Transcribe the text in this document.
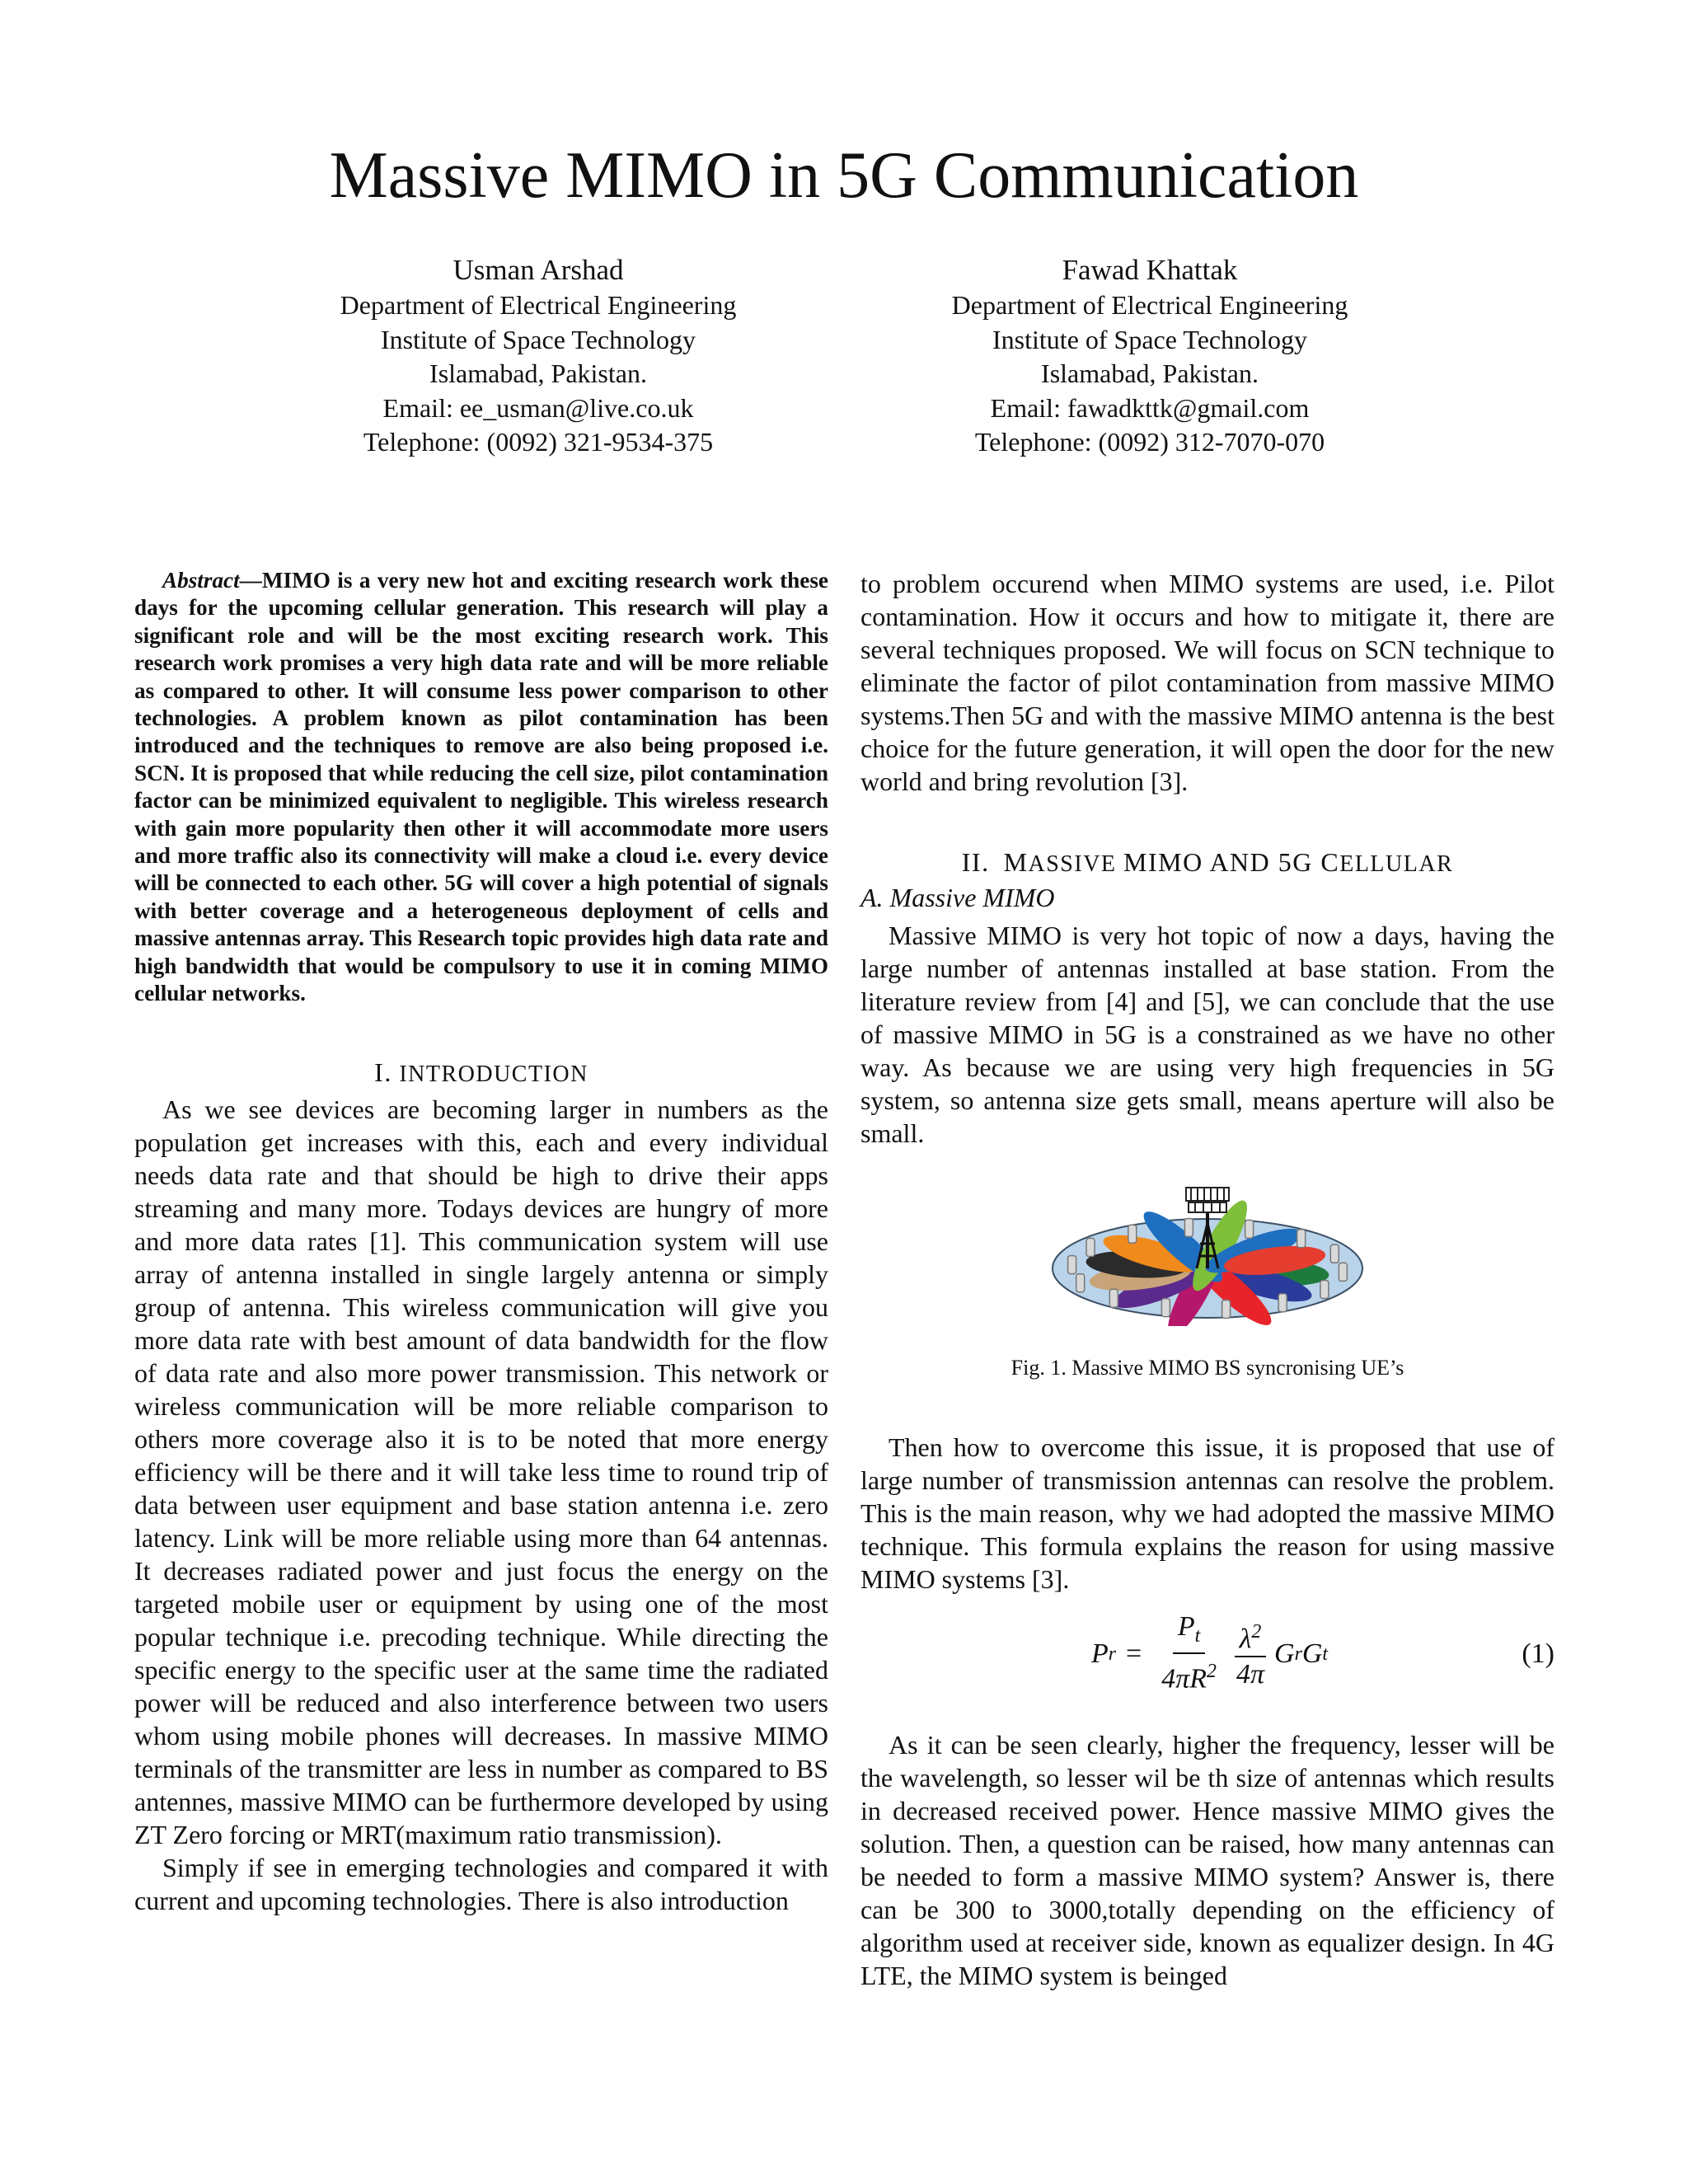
Massive MIMO in 5G Communication
Usman Arshad
Department of Electrical Engineering
Institute of Space Technology
Islamabad, Pakistan.
Email: ee_usman@live.co.uk
Telephone: (0092) 321-9534-375
Fawad Khattak
Department of Electrical Engineering
Institute of Space Technology
Islamabad, Pakistan.
Email: fawadkttk@gmail.com
Telephone: (0092) 312-7070-070

Abstract—MIMO is a very new hot and exciting research work these days for the upcoming cellular generation. This research will play a significant role and will be the most exciting research work. This research work promises a very high data rate and will be more reliable as compared to other. It will consume less power comparison to other technologies. A problem known as pilot contamination has been introduced and the techniques to remove are also being proposed i.e. SCN. It is proposed that while reducing the cell size, pilot contamination factor can be minimized equivalent to negligible. This wireless research with gain more popularity then other it will accommodate more users and more traffic also its connectivity will make a cloud i.e. every device will be connected to each other. 5G will cover a high potential of signals with better coverage and a heterogeneous deployment of cells and massive antennas array. This Research topic provides high data rate and high bandwidth that would be compulsory to use it in coming MIMO cellular networks.

I. INTRODUCTION

As we see devices are becoming larger in numbers as the population get increases with this, each and every individual needs data rate and that should be high to drive their apps streaming and many more. Todays devices are hungry of more and more data rates [1]. This communication system will use array of antenna installed in single largely antenna or simply group of antenna. This wireless communication will give you more data rate with best amount of data bandwidth for the flow of data rate and also more power transmission. This network or wireless communication will be more reliable comparison to others more coverage also it is to be noted that more energy efficiency will be there and it will take less time to round trip of data between user equipment and base station antenna i.e. zero latency. Link will be more reliable using more than 64 antennas. It decreases radiated power and just focus the energy on the targeted mobile user or equipment by using one of the most popular technique i.e. precoding technique. While directing the specific energy to the specific user at the same time the radiated power will be reduced and also interference between two users whom using mobile phones will decreases. In massive MIMO terminals of the transmitter are less in number as compared to BS antennes, massive MIMO can be furthermore developed by using ZT Zero forcing or MRT(maximum ratio transmission).

Simply if see in emerging technologies and compared it with current and upcoming technologies. There is also introduction

to problem occurend when MIMO systems are used, i.e. Pilot contamination. How it occurs and how to mitigate it, there are several techniques proposed. We will focus on SCN technique to eliminate the factor of pilot contamination from massive MIMO systems.Then 5G and with the massive MIMO antenna is the best choice for the future generation, it will open the door for the new world and bring revolution [3].

II. MASSIVE MIMO AND 5G CELLULAR

A. Massive MIMO

Massive MIMO is very hot topic of now a days, having the large number of antennas installed at base station. From the literature review from [4] and [5], we can conclude that the use of massive MIMO in 5G is a constrained as we have no other way. As because we are using very high frequencies in 5G system, so antenna size gets small, means aperture will also be small.

Fig. 1. Massive MIMO BS syncronising UE’s

Then how to overcome this issue, it is proposed that use of large number of transmission antennas can resolve the problem. This is the main reason, why we had adopted the massive MIMO technique. This formula explains the reason for using massive MIMO systems [3].

P $r = \frac{P_t}{4\pi R^2} \frac{\lambda^2}{4\pi}$ G r G t	(1)

As it can be seen clearly, higher the frequency, lesser will be the wavelength, so lesser wil be th size of antennas which results in decreased received power. Hence massive MIMO gives the solution. Then, a question can be raised, how many antennas can be needed to form a massive MIMO system? Answer is, there can be 300 to 3000,totally depending on the efficiency of algorithm used at receiver side, known as equalizer design. In 4G LTE, the MIMO system is beinged
